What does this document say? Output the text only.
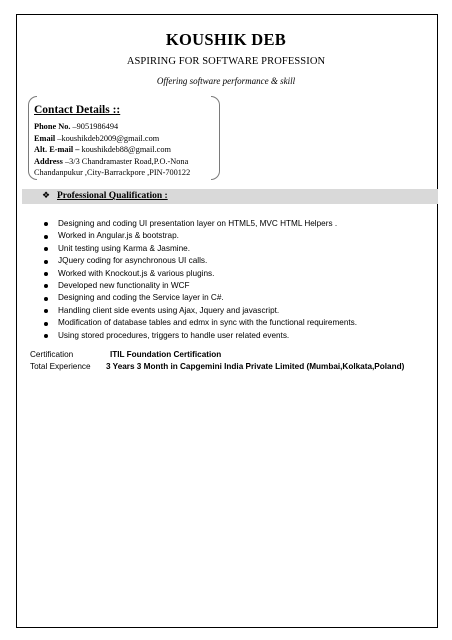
KOUSHIK DEB
ASPIRING FOR SOFTWARE PROFESSION
Offering software performance & skill
Contact Details ::
Phone No. –9051986494
Email –koushikdeb2009@gmail.com
Alt. E-mail – koushikdeb88@gmail.com
Address –3/3 Chandramaster Road,P.O.-Nona
Chandanpukur ,City-Barrackpore ,PIN-700122
❖ Professional Qualification :
Designing and coding UI presentation layer on HTML5, MVC HTML Helpers .
Worked in Angular.js & bootstrap.
Unit testing using Karma & Jasmine.
JQuery coding for asynchronous UI calls.
Worked with Knockout.js & various plugins.
Developed new functionality in WCF
Designing and coding the Service layer in C#.
Handling client side events using Ajax, Jquery and javascript.
Modification of database tables and edmx in sync with the functional requirements.
Using stored procedures, triggers to handle user related events.
Certification	ITIL Foundation Certification
Total Experience 3 Years 3 Month in Capgemini India Private Limited (Mumbai,Kolkata,Poland)
